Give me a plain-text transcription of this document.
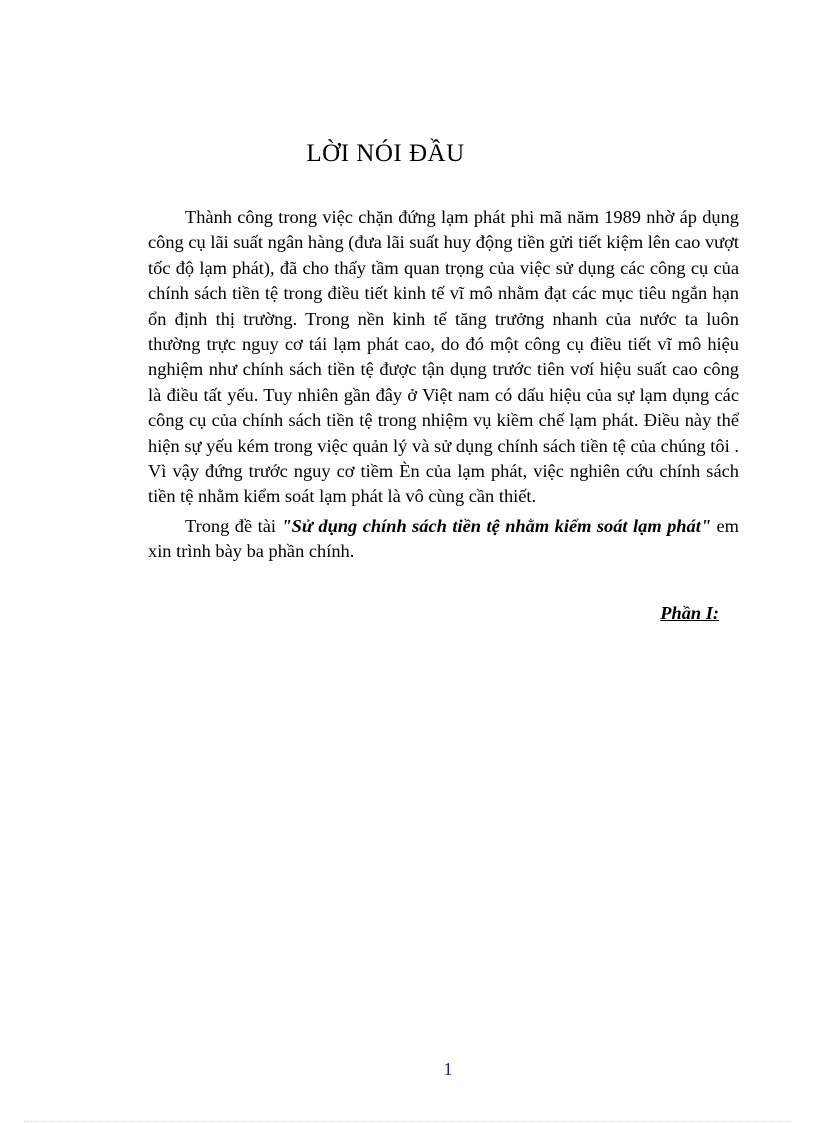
LỜI NÓI ĐẦU

Thành công trong việc chặn đứng lạm phát phi mã năm 1989 nhờ áp dụng công cụ lãi suất ngân hàng (đưa lãi suất huy động tiền gửi tiết kiệm lên cao vượt tốc độ lạm phát), đã cho thấy tầm quan trọng của việc sử dụng các công cụ của chính sách tiền tệ trong điều tiết kinh tế vĩ mô nhằm đạt các mục tiêu ngắn hạn ổn định thị trường. Trong nền kinh tế tăng trưởng nhanh của nước ta luôn thường trực nguy cơ tái lạm phát cao, do đó một công cụ điều tiết vĩ mô hiệu nghiệm như chính sách tiền tệ được tận dụng trước tiên vơí hiệu suất cao công là điều tất yếu. Tuy nhiên gần đây ở Việt nam có dấu hiệu của sự lạm dụng các công cụ của chính sách tiền tệ trong nhiệm vụ kiềm chế lạm phát. Điều này thể hiện sự yếu kém trong việc quản lý và sử dụng chính sách tiền tệ của chúng tôi . Vì vậy đứng trước nguy cơ tiềm Èn của lạm phát, việc nghiên cứu chính sách tiền tệ nhằm kiểm soát lạm phát là vô cùng cần thiết.

Trong đề tài "Sử dụng chính sách tiền tệ nhằm kiểm soát lạm phát" em xin trình bày ba phần chính.

Phần I:
1
